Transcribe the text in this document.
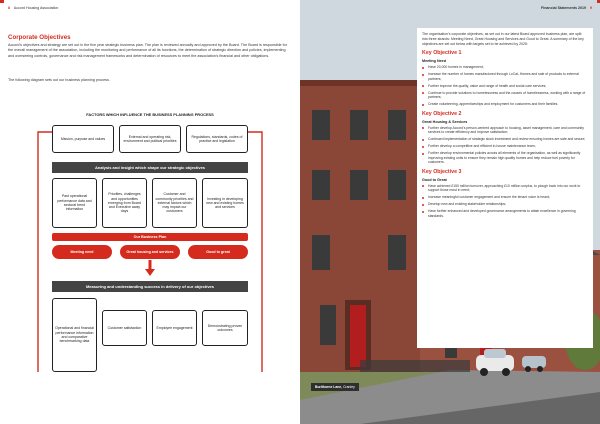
8 Accord Housing Association
Corporate Objectives
Accord's objectives and strategy are set out in the five year strategic business plan. The plan is reviewed annually and approved by the Board. The Board is responsible for the overall management of the association, including the monitoring and performance of all its functions, the determination of strategic direction and policies, implementing and overseeing controls, governance and risk management frameworks and determination of resources to meet the association's financial and other obligations.
The following diagram sets out our business planning process.
FACTORS WHICH INFLUENCE THE BUSINESS PLANNING PROCESS
Mission, purpose and values
External and operating risk, environment and political priorities
Regulations, standards, codes of practice and legislation
Analysis and insight which shape our strategic objectives
Past operational performance data and sectoral trend information
Priorities, challenges and opportunities emerging from Board and Executive away days
Customer and community priorities and external factors which may impact our customers
Investing in developing new and existing homes and services
Our Business Plan
Meeting need	Great housing and services	Good to great
Measuring and understanding success in delivery of our objectives
Operational and financial performance information and comparative benchmarking data
Customer satisfaction	Employee engagement
Demonstrating proven outcomes
Financial Statements 2019 9

The organisation's corporate objectives, as set out in our latest Board approved business plan, are split into three strands: Meeting Need, Great Housing and Services and Good to Great. A summary of the key objectives are set out below with targets set to be achieved by 2025:

Key Objective 1
Meeting Need
Have 20,000 homes in management;
Increase the number of homes manufactured through LoCaL Homes and sale of products to external partners;
Further improve the quality, value and range of health and social care services;
Continue to provide solutions to homelessness and the causes of homelessness, working with a range of partners;
Create volunteering, apprenticeships and employment for customers and their families.
Key Objective 2
Great Housing & Services
Further develop Accord's person-centred approach to housing, asset management, care and community services to create efficiency and improve satisfaction;
Continued implementation of strategic stock investment and review ensuring homes are safe and secure;
Further develop a competitive and efficient in-house maintenance team;
Further develop environmental policies across all elements of the organisation, as well as significantly improving existing units to ensure they remain high quality homes and help reduce fuel poverty for customers.
Key Objective 3
Good to Great
Have achieved £150 million turnover, approaching £10 million surplus, to plough back into our work to support those most in need;
Increase meaningful customer engagement and ensure the tenant voice is heard;
Develop new and existing stakeholder relationships;
Have further enhanced and developed governance arrangements to attain excellence in governing standards.
Burlthorne Lane, Cranley
